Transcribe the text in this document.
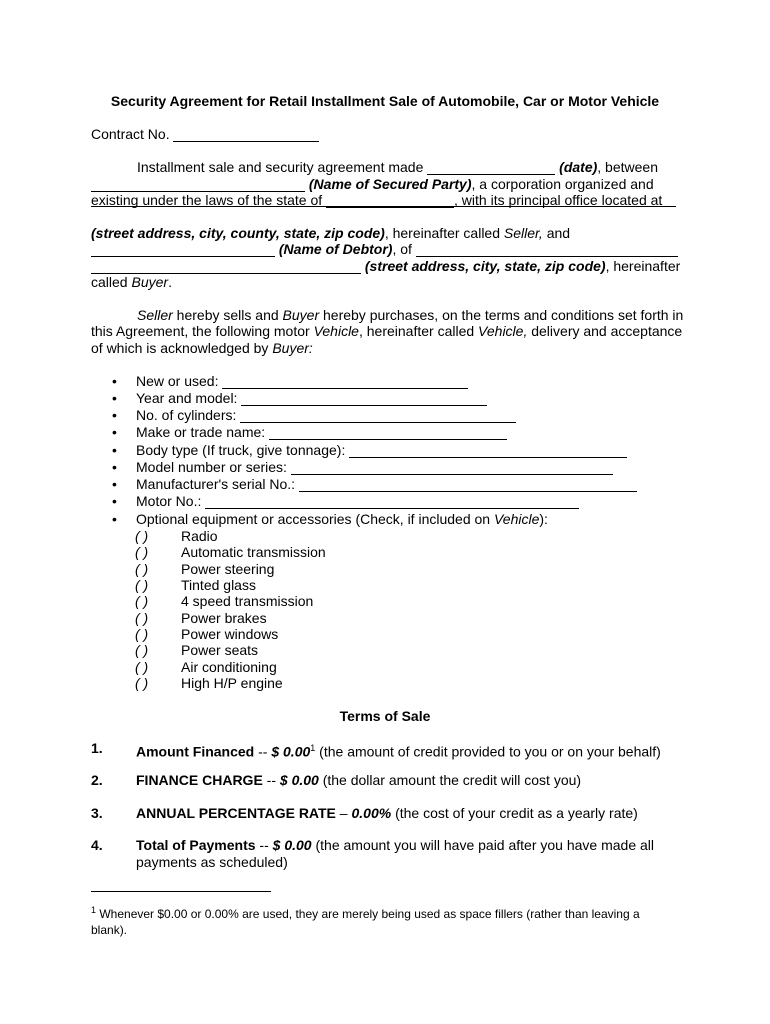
Security Agreement for Retail Installment Sale of Automobile, Car or Motor Vehicle
Contract No.
Installment sale and security agreement made	(date), between
(Name of Secured Party), a corporation organized and
existing under the laws of the state of	, with its principal office located at
(street address, city, county, state, zip code), hereinafter called Seller, and
(Name of Debtor), of
(street address, city, state, zip code), hereinafter
called Buyer.
Seller hereby sells and Buyer hereby purchases, on the terms and conditions set forth in
this Agreement, the following motor Vehicle, hereinafter called Vehicle, delivery and acceptance
of which is acknowledged by Buyer:
• New or used:
• Year and model:
• No. of cylinders:
• Make or trade name:
• Body type (If truck, give tonnage):
• Model number or series:
• Manufacturer's serial No.:
• Motor No.:
• Optional equipment or accessories (Check, if included on Vehicle):
( ) Radio
( ) Automatic transmission
( ) Power steering
( ) Tinted glass
( ) 4 speed transmission
( ) Power brakes
( ) Power windows
( ) Power seats
( ) Air conditioning
( ) High H/P engine
Terms of Sale
1. Amount Financed -- $ 0.00$^1$ (the amount of credit provided to you or on your behalf)
2. FINANCE CHARGE -- $ 0.00 (the dollar amount the credit will cost you)
3. ANNUAL PERCENTAGE RATE – 0.00% (the cost of your credit as a yearly rate)
4. Total of Payments -- $ 0.00 (the amount you will have paid after you have made all payments as scheduled)
$^1$ Whenever $0.00 or 0.00% are used, they are merely being used as space fillers (rather than leaving a blank).
